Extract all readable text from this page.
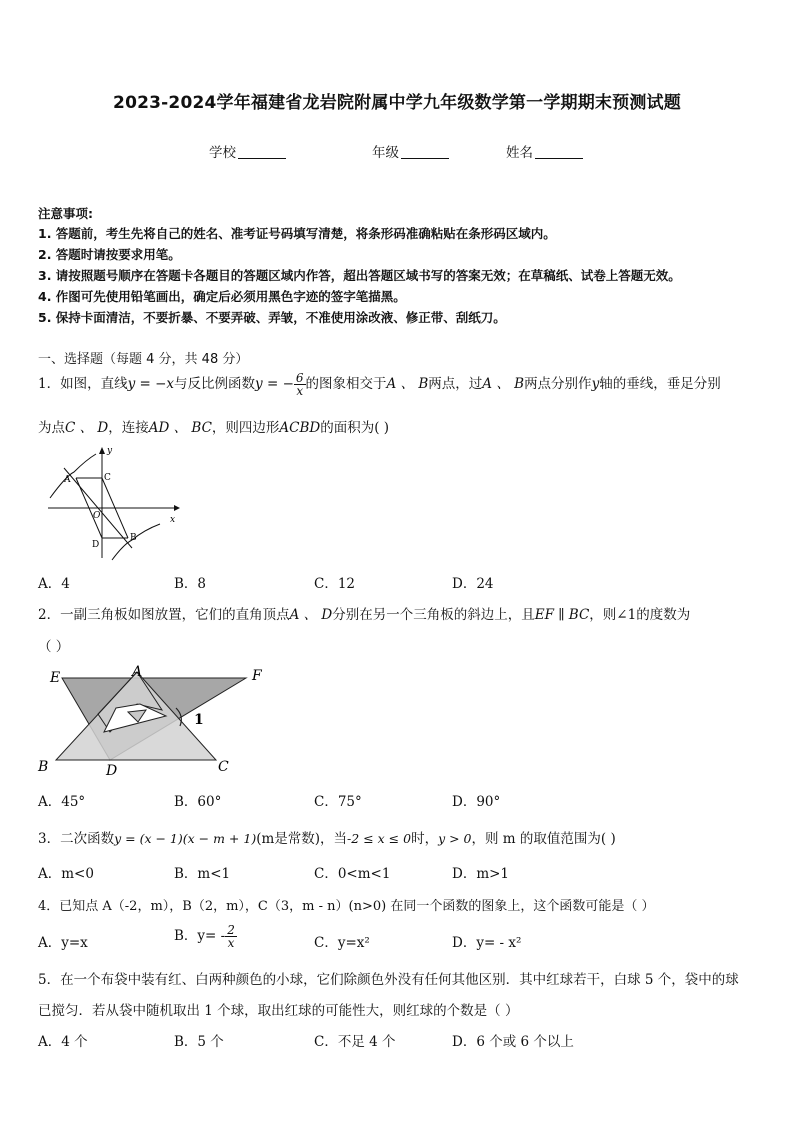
2023-2024学年福建省龙岩院附属中学九年级数学第一学期期末预测试题
学校	年级	姓名
注意事项:
1. 答题前，考生先将自己的姓名、准考证号码填写清楚，将条形码准确粘贴在条形码区域内。
2. 答题时请按要求用笔。
3. 请按照题号顺序在答题卡各题目的答题区域内作答，超出答题区域书写的答案无效；在草稿纸、试卷上答题无效。
4. 作图可先使用铅笔画出，确定后必须用黑色字迹的签字笔描黑。
5. 保持卡面清洁，不要折暴、不要弄破、弄皱，不准使用涂改液、修正带、刮纸刀。
一、选择题（每题 4 分，共 48 分）
1．如图，直线y = −x与反比例函数y = − $\frac{6}{x}$ 的图象相交于A 、 B两点，过A 、 B两点分别作y轴的垂线，垂足分别
为点C 、 D，连接AD 、 BC，则四边形ACBD的面积为( )
A
B
C
D
O	x
y
A．4	B．8	C．12	D．24
2．一副三角板如图放置，它们的直角顶点A 、 D分别在另一个三角板的斜边上，且EF ∥ BC，则∠1的度数为
（ ）
1
E	A	F
B	D	C
A．45°	B．60°	C．75°	D．90°
3．二次函数y = (x − 1)(x − m + 1)(m是常数)，当-2 ≤ x ≤ 0时，y > 0，则 m 的取值范围为( )
A．m<0	B．m<1	C．0<m<1	D．m>1
4．已知点 A（-2，m），B（2，m），C（3，m - n）(n>0) 在同一个函数的图象上，这个函数可能是（ ）
A．y=x	B．$y= - \frac{2}{x}$	C．y=x²	D．y= - x²
5．在一个布袋中装有红、白两种颜色的小球，它们除颜色外没有任何其他区别．其中红球若干，白球 5 个，袋中的球
已搅匀．若从袋中随机取出 1 个球，取出红球的可能性大，则红球的个数是（ ）
A．4 个	B．5 个	C．不足 4 个	D．6 个或 6 个以上
